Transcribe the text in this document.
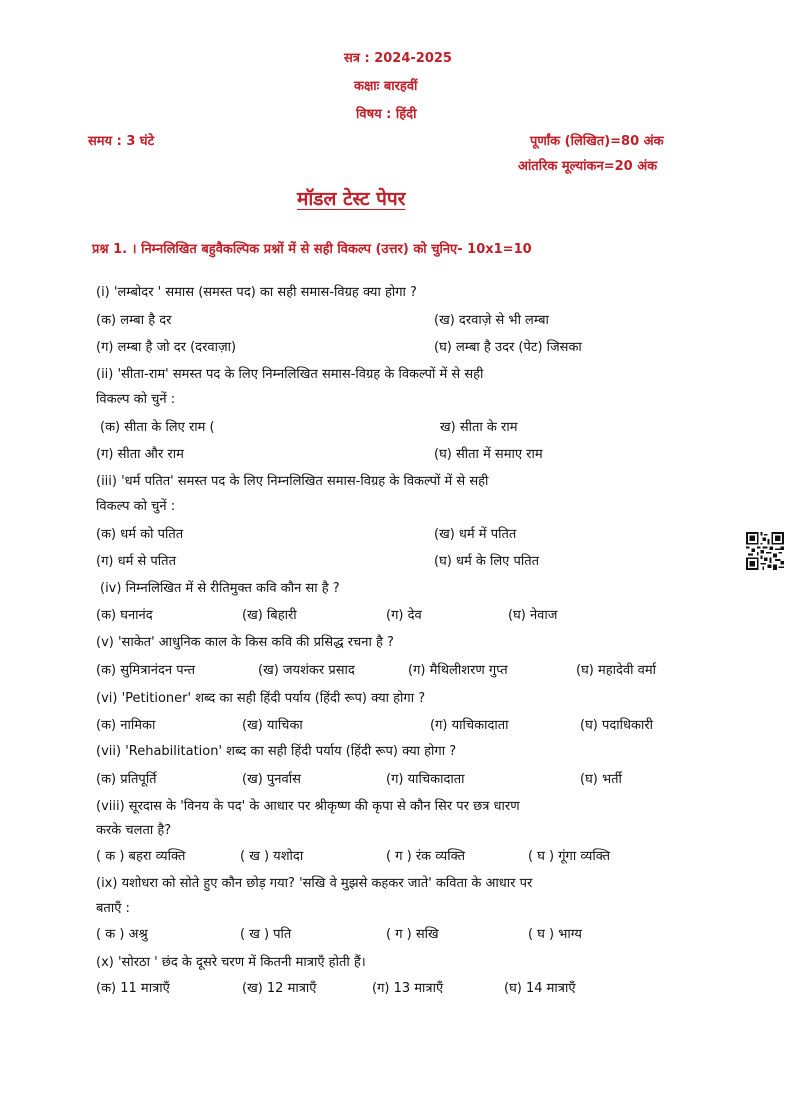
सत्र : 2024-2025
कक्षाः बारहवीं
विषय : हिंदी
समय : 3 घंटे	पूर्णांक (लिखित)=80 अंक
आंतरिक मूल्यांकन=20 अंक
मॉडल टेस्ट पेपर
प्रश्न 1. । निम्नलिखित बहुवैकल्पिक प्रश्नों में से सही विकल्प (उत्तर) को चुनिए- 10x1=10
(i) 'लम्बोदर ' समास (समस्त पद) का सही समास-विग्रह क्या होगा ?
(क) लम्बा है दर	(ख) दरवाज़े से भी लम्बा
(ग) लम्बा है जो दर (दरवाज़ा)	(घ) लम्बा है उदर (पेट) जिसका
(ii) 'सीता-राम' समस्त पद के लिए निम्नलिखित समास-विग्रह के विकल्पों में से सही
विकल्प को चुनें :
(क) सीता के लिए राम (	ख) सीता के राम
(ग) सीता और राम	(घ) सीता में समाए राम
(iii) 'धर्म पतित' समस्त पद के लिए निम्नलिखित समास-विग्रह के विकल्पों में से सही
विकल्प को चुनें :
(क) धर्म को पतित	(ख) धर्म में पतित
(ग) धर्म से पतित	(घ) धर्म के लिए पतित
(iv) निम्नलिखित में से रीतिमुक्त कवि कौन सा है ?
(क) घनानंद	(ख) बिहारी	(ग) देव	(घ) नेवाज
(v) 'साकेत' आधुनिक काल के किस कवि की प्रसिद्ध रचना है ?
(क) सुमित्रानंदन पन्त	(ख) जयशंकर प्रसाद	(ग) मैथिलीशरण गुप्त	(घ) महादेवी वर्मा
(vi) 'Petitioner' शब्द का सही हिंदी पर्याय (हिंदी रूप) क्या होगा ?
(क) नामिका	(ख) याचिका	(ग) याचिकादाता	(घ) पदाधिकारी
(vii) 'Rehabilitation' शब्द का सही हिंदी पर्याय (हिंदी रूप) क्या होगा ?
(क) प्रतिपूर्ति	(ख) पुनर्वास	(ग) याचिकादाता	(घ) भर्ती
(viii) सूरदास के 'विनय के पद' के आधार पर श्रीकृष्ण की कृपा से कौन सिर पर छत्र धारण
करके चलता है?
( क ) बहरा व्यक्ति	( ख ) यशोदा	( ग ) रंक व्यक्ति	( घ ) गूंगा व्यक्ति
(ix) यशोधरा को सोते हुए कौन छोड़ गया? 'सखि वे मुझसे कहकर जाते' कविता के आधार पर
बताएँ :
( क ) अश्रु	( ख ) पति	( ग ) सखि	( घ ) भाग्य
(x) 'सोरठा ' छंद के दूसरे चरण में कितनी मात्राएँ होती हैं।
(क) 11 मात्राएँ	(ख) 12 मात्राएँ	(ग) 13 मात्राएँ	(घ) 14 मात्राएँ
